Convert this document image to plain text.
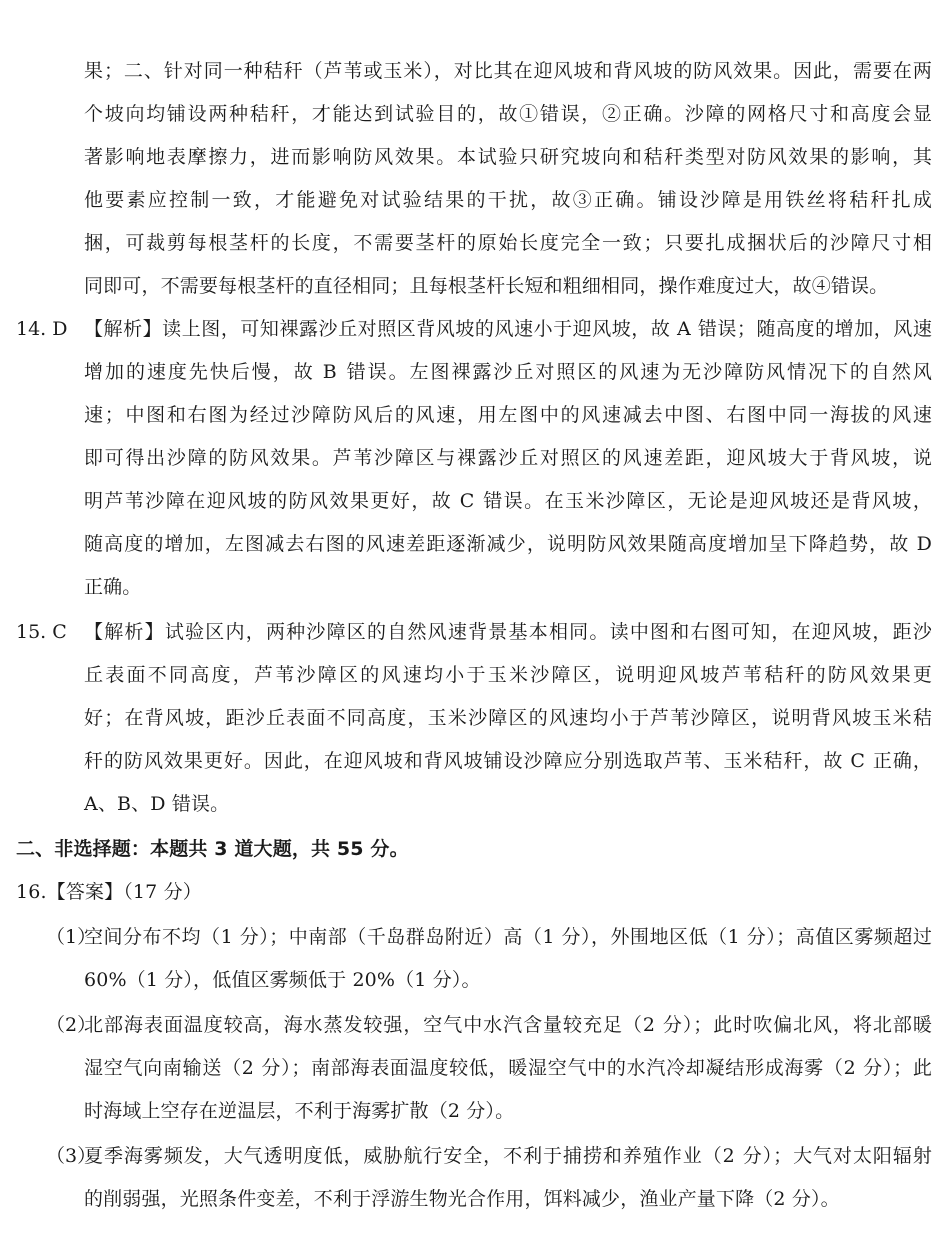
果；二、针对同一种秸秆（芦苇或玉米），对比其在迎风坡和背风坡的防风效果。因此，需要在两
个坡向均铺设两种秸秆，才能达到试验目的，故①错误，②正确。沙障的网格尺寸和高度会显
著影响地表摩擦力，进而影响防风效果。本试验只研究坡向和秸秆类型对防风效果的影响，其
他要素应控制一致，才能避免对试验结果的干扰，故③正确。铺设沙障是用铁丝将秸秆扎成
捆，可裁剪每根茎杆的长度，不需要茎杆的原始长度完全一致；只要扎成捆状后的沙障尺寸相
同即可，不需要每根茎杆的直径相同；且每根茎杆长短和粗细相同，操作难度过大，故④错误。
14. D 【解析】读上图，可知裸露沙丘对照区背风坡的风速小于迎风坡，故 A 错误；随高度的增加，风速
增加的速度先快后慢，故 B 错误。左图裸露沙丘对照区的风速为无沙障防风情况下的自然风
速；中图和右图为经过沙障防风后的风速，用左图中的风速减去中图、右图中同一海拔的风速
即可得出沙障的防风效果。芦苇沙障区与裸露沙丘对照区的风速差距，迎风坡大于背风坡，说
明芦苇沙障在迎风坡的防风效果更好，故 C 错误。在玉米沙障区，无论是迎风坡还是背风坡，
随高度的增加，左图减去右图的风速差距逐渐减少，说明防风效果随高度增加呈下降趋势，故 D
正确。
15. C 【解析】试验区内，两种沙障区的自然风速背景基本相同。读中图和右图可知，在迎风坡，距沙
丘表面不同高度，芦苇沙障区的风速均小于玉米沙障区，说明迎风坡芦苇秸秆的防风效果更
好；在背风坡，距沙丘表面不同高度，玉米沙障区的风速均小于芦苇沙障区，说明背风坡玉米秸
秆的防风效果更好。因此，在迎风坡和背风坡铺设沙障应分别选取芦苇、玉米秸秆，故 C 正确，
A、B、D 错误。
二、非选择题：本题共 3 道大题，共 55 分。
16.【答案】（17 分）
（1）
空间分布不均（1 分）；中南部（千岛群岛附近）高（1 分），外围地区低（1 分）；高值区雾频超过
60%（1 分），低值区雾频低于 20%（1 分）。
（2）
北部海表面温度较高，海水蒸发较强，空气中水汽含量较充足（2 分）；此时吹偏北风，将北部暖
湿空气向南输送（2 分）；南部海表面温度较低，暖湿空气中的水汽冷却凝结形成海雾（2 分）；此
时海域上空存在逆温层，不利于海雾扩散（2 分）。
（3）
夏季海雾频发，大气透明度低，威胁航行安全，不利于捕捞和养殖作业（2 分）；大气对太阳辐射
的削弱强，光照条件变差，不利于浮游生物光合作用，饵料减少，渔业产量下降（2 分）。
